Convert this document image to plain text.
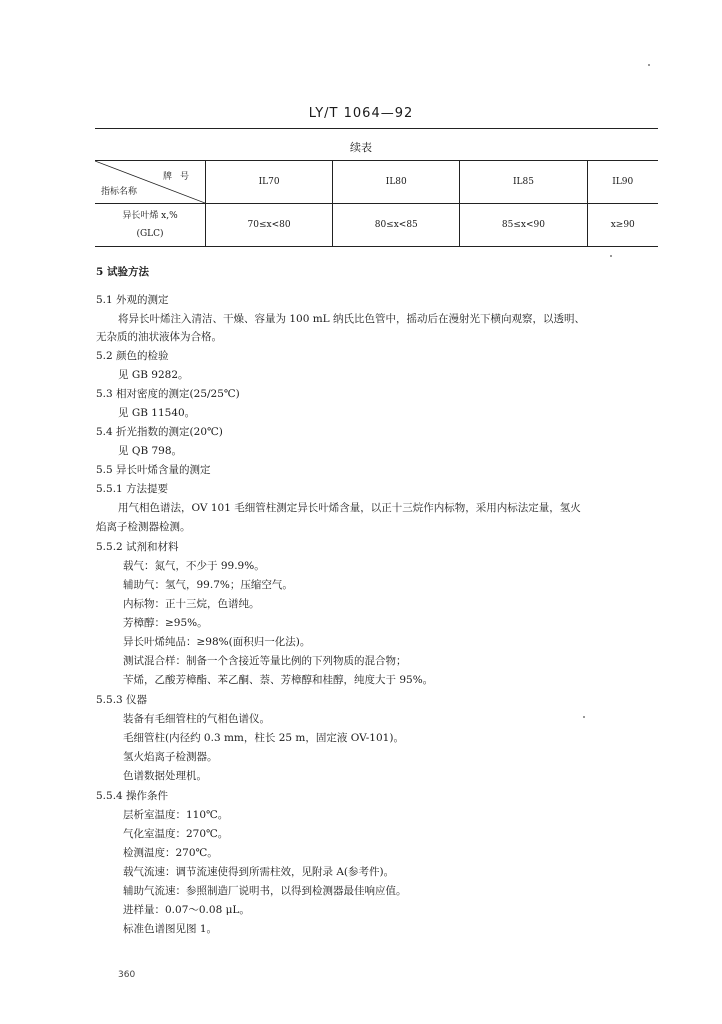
LY/T 1064—92
续表
牌号
指标名称	IL70	IL80	IL85	IL90

异长叶烯 x,%
(GLC)	70≤x<80	80≤x<85	85≤x<90	x≥90
5 试验方法
5.1 外观的测定
将异长叶烯注入清洁、干燥、容量为 100 mL 纳氏比色管中，摇动后在漫射光下横向观察，以透明、
无杂质的油状液体为合格。
5.2 颜色的检验
见 GB 9282。
5.3 相对密度的测定(25/25℃)
见 GB 11540。
5.4 折光指数的测定(20℃)
见 QB 798。
5.5 异长叶烯含量的测定
5.5.1 方法提要
用气相色谱法，OV 101 毛细管柱测定异长叶烯含量，以正十三烷作内标物，采用内标法定量，氢火
焰离子检测器检测。
5.5.2 试剂和材料
载气：氮气，不少于 99.9%。
辅助气：氢气，99.7%；压缩空气。
内标物：正十三烷，色谱纯。
芳樟醇：≥95%。
异长叶烯纯品：≥98%(面积归一化法)。
测试混合样：制备一个含接近等量比例的下列物质的混合物；
苄烯，乙酸芳樟酯、苯乙酮、萘、芳樟醇和桂醇，纯度大于 95%。
5.5.3 仪器
装备有毛细管柱的气相色谱仪。
毛细管柱(内径约 0.3 mm，柱长 25 m，固定液 OV-101)。
氢火焰离子检测器。
色谱数据处理机。
5.5.4 操作条件
层析室温度：110℃。
气化室温度：270℃。
检测温度：270℃。
载气流速：调节流速使得到所需柱效，见附录 A(参考件)。
辅助气流速：参照制造厂说明书，以得到检测器最佳响应值。
进样量：0.07～0.08 μL。
标准色谱图见图 1。
360
